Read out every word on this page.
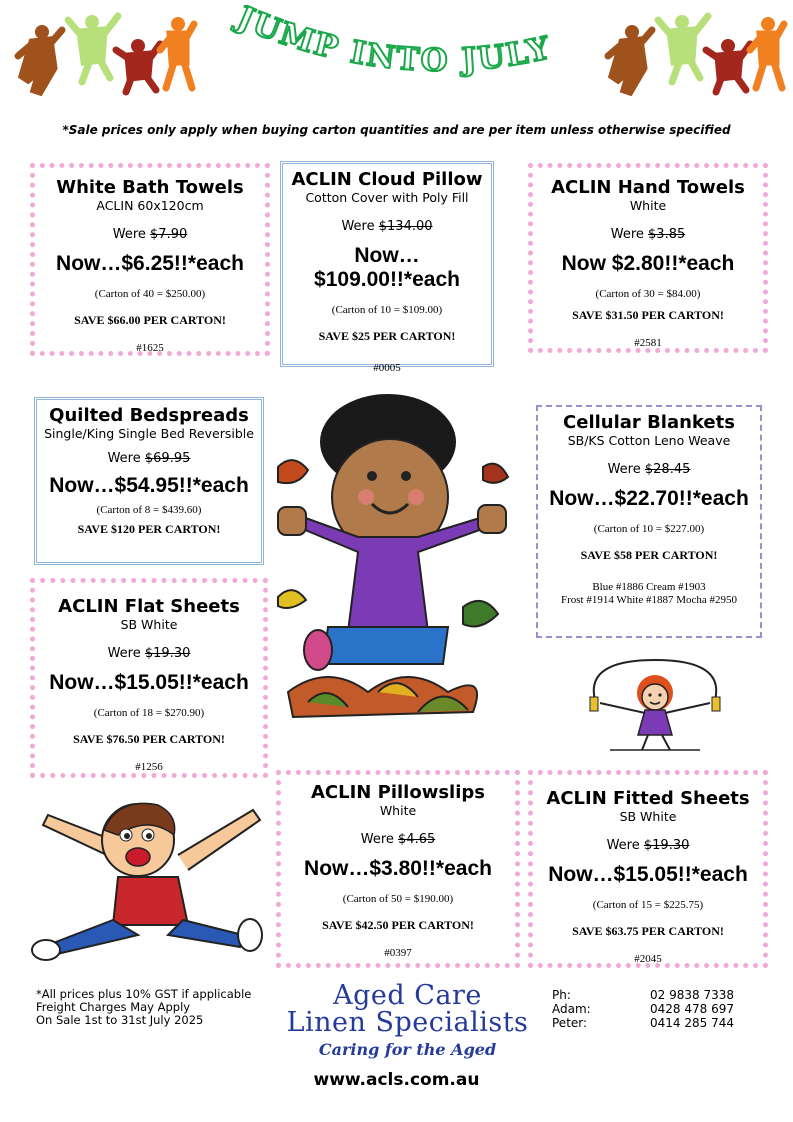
JUMP INTO JULY
*Sale prices only apply when buying carton quantities and are per item unless otherwise specified
White Bath Towels
ACLIN 60x120cm
Were $7.90
Now…$6.25!!*each
(Carton of 40 = $250.00)
SAVE $66.00 PER CARTON!
#1625
ACLIN Cloud Pillow
Cotton Cover with Poly Fill
Were $134.00
Now…$109.00!!*each
(Carton of 10 = $109.00)
SAVE $25 PER CARTON!
#0005
ACLIN Hand Towels
White
Were $3.85
Now $2.80!!*each
(Carton of 30 = $84.00)
SAVE $31.50 PER CARTON!
#2581
Quilted Bedspreads
Single/King Single Bed Reversible
Were $69.95
Now…$54.95!!*each
(Carton of 8 = $439.60)
SAVE $120 PER CARTON!
Cellular Blankets
SB/KS Cotton Leno Weave
Were $28.45
Now…$22.70!!*each
(Carton of 10 = $227.00)
SAVE $58 PER CARTON!
Blue #1886 Cream #1903
Frost #1914 White #1887 Mocha #2950
ACLIN Flat Sheets
SB White
Were $19.30
Now…$15.05!!*each
(Carton of 18 = $270.90)
SAVE $76.50 PER CARTON!
#1256
ACLIN Pillowslips
White
Were $4.65
Now…$3.80!!*each
(Carton of 50 = $190.00)
SAVE $42.50 PER CARTON!
#0397
ACLIN Fitted Sheets
SB White
Were $19.30
Now…$15.05!!*each
(Carton of 15 = $225.75)
SAVE $63.75 PER CARTON!
#2045
*All prices plus 10% GST if applicable
Freight Charges May Apply
On Sale 1st to 31st July 2025
Aged Care
Linen Specialists
Caring for the Aged
Ph:	02 9838 7338
Adam:	0428 478 697
Peter:	0414 285 744
www.acls.com.au
